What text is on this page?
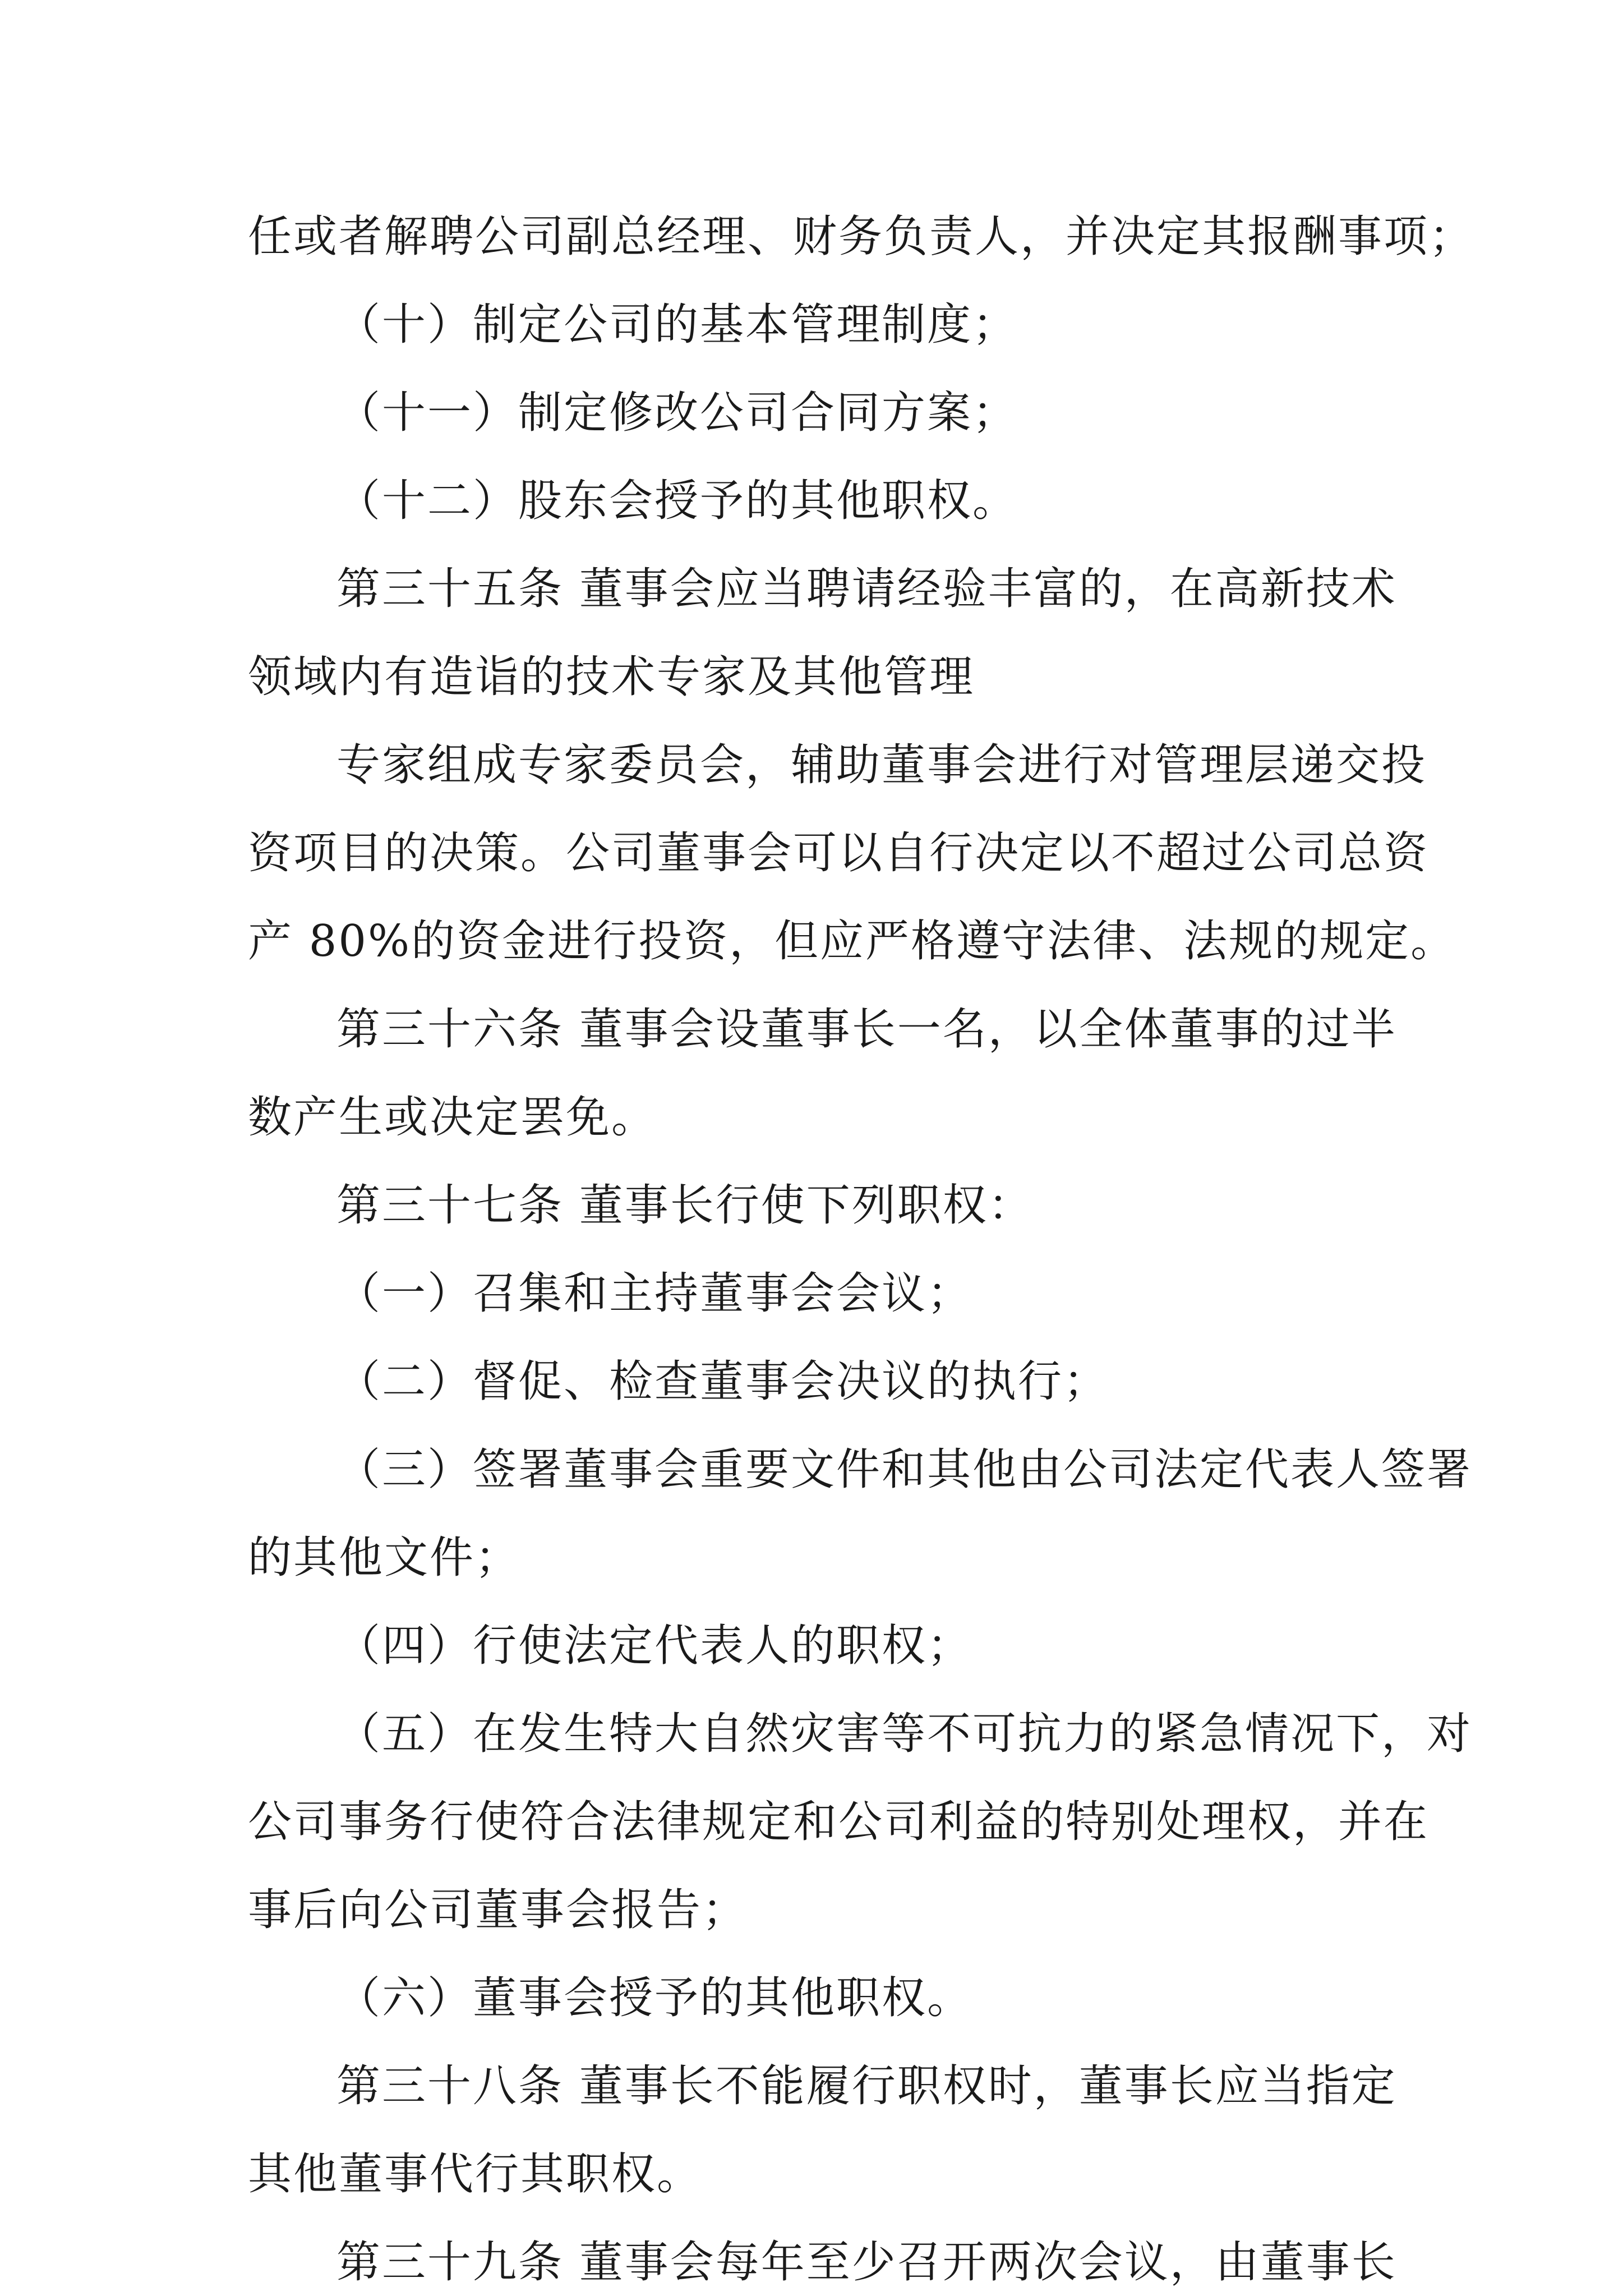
任或者解聘公司副总经理、财务负责人，并决定其报酬事项；
（十）制定公司的基本管理制度；
（十一）制定修改公司合同方案；
（十二）股东会授予的其他职权。
第三十五条 董事会应当聘请经验丰富的，在高新技术
领域内有造诣的技术专家及其他管理
专家组成专家委员会，辅助董事会进行对管理层递交投
资项目的决策。公司董事会可以自行决定以不超过公司总资
产 80%的资金进行投资，但应严格遵守法律、法规的规定。
第三十六条 董事会设董事长一名，以全体董事的过半
数产生或决定罢免。
第三十七条 董事长行使下列职权：
（一）召集和主持董事会会议；
（二）督促、检查董事会决议的执行；
（三）签署董事会重要文件和其他由公司法定代表人签署
的其他文件；
（四）行使法定代表人的职权；
（五）在发生特大自然灾害等不可抗力的紧急情况下，对
公司事务行使符合法律规定和公司利益的特别处理权，并在
事后向公司董事会报告；
（六）董事会授予的其他职权。
第三十八条 董事长不能履行职权时，董事长应当指定
其他董事代行其职权。
第三十九条 董事会每年至少召开两次会议，由董事长
